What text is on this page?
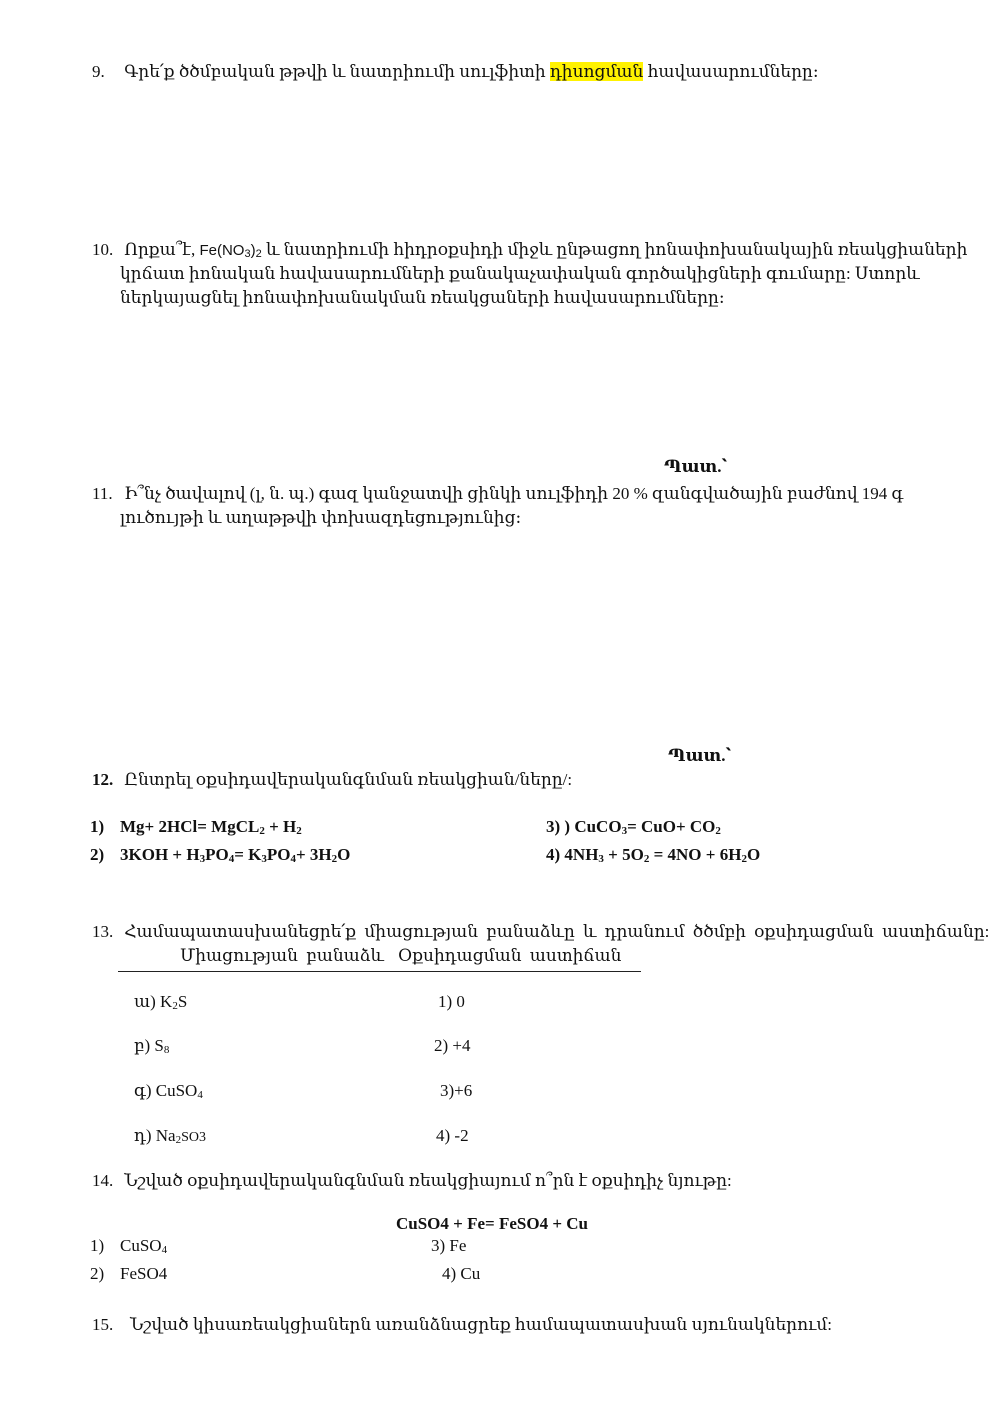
9. Գրե՛ք ծծմբական թթվի և նատրիումի սուլֆիտի դիսոցման հավասարումները։
10. Որքա՞է, Fe(NO3)2 և նատրիումի հիդրօքսիդի միջև ընթացող իոնափոխանակային ռեակցիաների
կրճատ իոնական հավասարումների քանակաչափական գործակիցների գումարը: Ստորև
ներկայացնել իոնափոխանակման ռեակցաների հավասարումները։
Պատ.՝
11. Ի՞նչ ծավալով (լ, ն. պ.) գազ կանջատվի ցինկի սուլֆիդի 20 % զանգվածային բաժնով 194 գ
լուծույթի և աղաթթվի փոխազդեցությունից։
Պատ.՝
12. Ընտրել օքսիդավերականգնման ռեակցիան/ները/:
1) Mg+ 2HCl= MgCL2 + H2
2) 3KOH + H3PO4= K3PO4+ 3H2O
3) ) CuCO3= CuO+ CO2
4) 4NH3 + 5O2 = 4NO + 6H2O
13. Համապատասխանեցրե՛ք միացության բանաձևը և դրանում ծծմբի օքսիդացման աստիճանը:
Միացության բանաձև Օքսիդացման աստիճան
ա) K2S	1) 0
բ) S8	2) +4
գ) CuSO4	3)+6
դ) Na2SO3	4) -2
14. Նշված օքսիդավերականգնման ռեակցիայում ո՞րն է օքսիդիչ նյութը:
CuSO4 + Fe= FeSO4 + Cu
1) CuSO4
2) FeSO4
3) Fe
4) Cu
15. Նշված կիսառեակցիաներն առանձնացրեք համապատասխան սյունակներում:
